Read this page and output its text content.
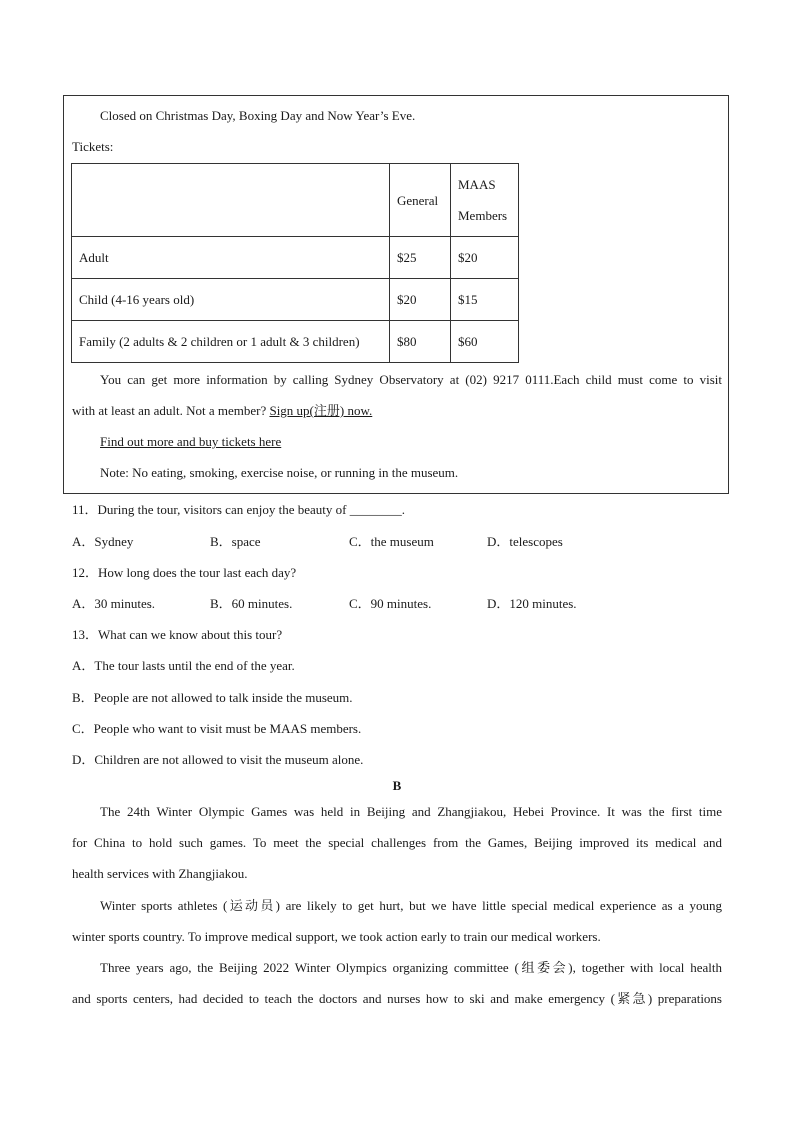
Closed on Christmas Day, Boxing Day and Now Year’s Eve.
Tickets:
	General	MAAS
Members
Adult	$25	$20
Child (4-16 years old)	$20	$15
Family (2 adults & 2 children or 1 adult & 3 children)	$80	$60
You can get more information by calling Sydney Observatory at (02) 9217 0111.Each child must come to visit
with at least an adult. Not a member? Sign up(注册) now.
Find out more and buy tickets here
Note: No eating, smoking, exercise noise, or running in the museum.
11．During the tour, visitors can enjoy the beauty of ________.
A．Sydney	B．space	C．the museum	D．telescopes
12．How long does the tour last each day?
A．30 minutes.	B．60 minutes.	C．90 minutes.	D．120 minutes.
13．What can we know about this tour?
A．The tour lasts until the end of the year.
B．People are not allowed to talk inside the museum.
C．People who want to visit must be MAAS members.
D．Children are not allowed to visit the museum alone.
B
The 24th Winter Olympic Games was held in Beijing and Zhangjiakou, Hebei Province. It was the first time
for China to hold such games. To meet the special challenges from the Games, Beijing improved its medical and
health services with Zhangjiakou.
Winter sports athletes (运动员) are likely to get hurt, but we have little special medical experience as a young
winter sports country. To improve medical support, we took action early to train our medical workers.
Three years ago, the Beijing 2022 Winter Olympics organizing committee (组委会), together with local health
and sports centers, had decided to teach the doctors and nurses how to ski and make emergency (紧急) preparations
